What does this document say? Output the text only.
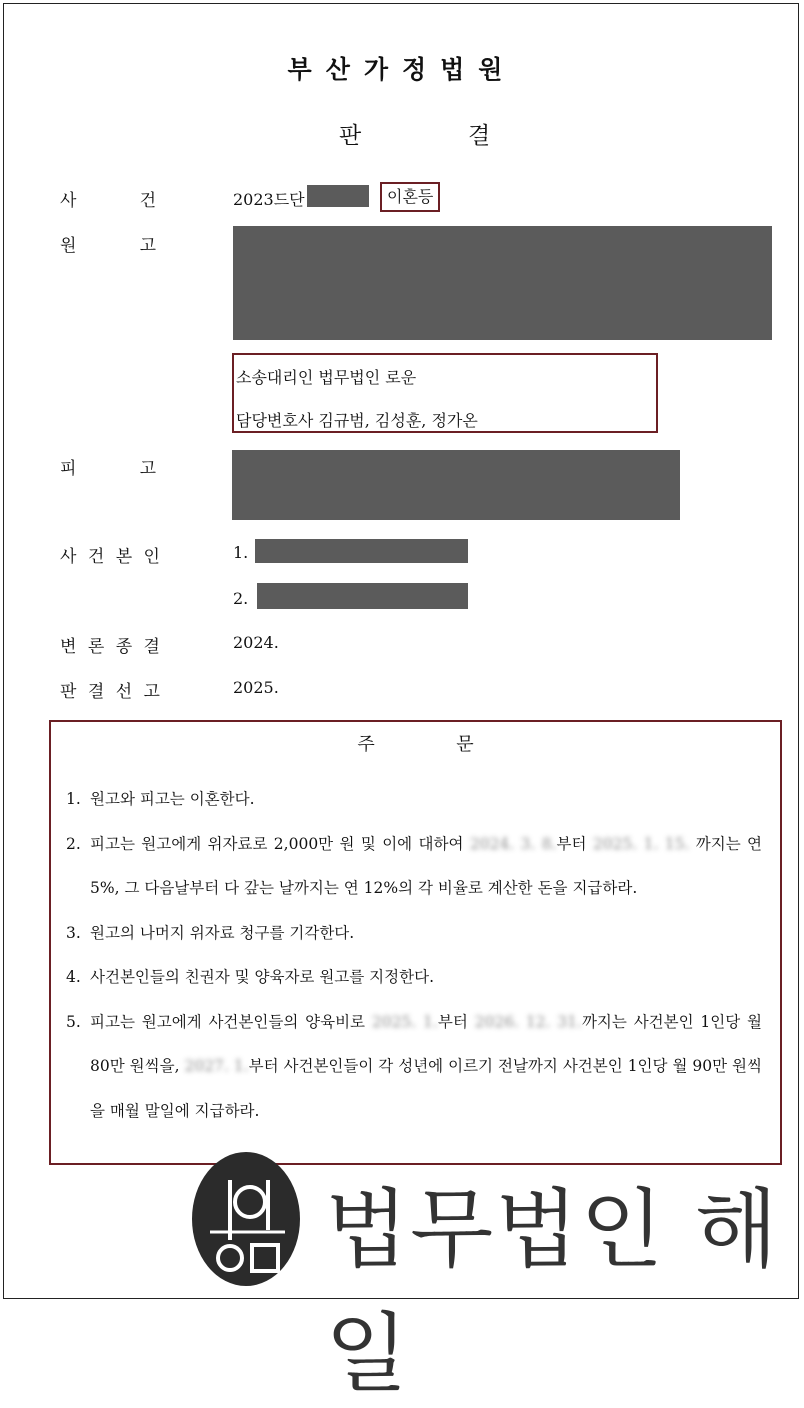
부산가정법원
판	결
사	건	2023드단	이혼등
원	고
소송대리인 법무법인 로운
담당변호사 김규범, 김성훈, 정가온
피	고
사 건 본 인	1.
2.
변 론 종 결	2024.
판 결 선 고	2025.
주	문
1. 원고와 피고는 이혼한다.
2. 피고는 원고에게 위자료로 2,000만 원 및 이에 대하여 2024. 3. 8.부터 2025. 1. 15. 까지는 연 5%, 그 다음날부터 다 갚는 날까지는 연 12%의 각 비율로 계산한 돈을 지급하라.
3. 원고의 나머지 위자료 청구를 기각한다.
4. 사건본인들의 친권자 및 양육자로 원고를 지정한다.
5. 피고는 원고에게 사건본인들의 양육비로 2025. 1.부터 2026. 12. 31.까지는 사건본인 1인당 월 80만 원씩을, 2027. 1.부터 사건본인들이 각 성년에 이르기 전날까지 사건본인 1인당 월 90만 원씩을 매월 말일에 지급하라.
법무법인 해일
